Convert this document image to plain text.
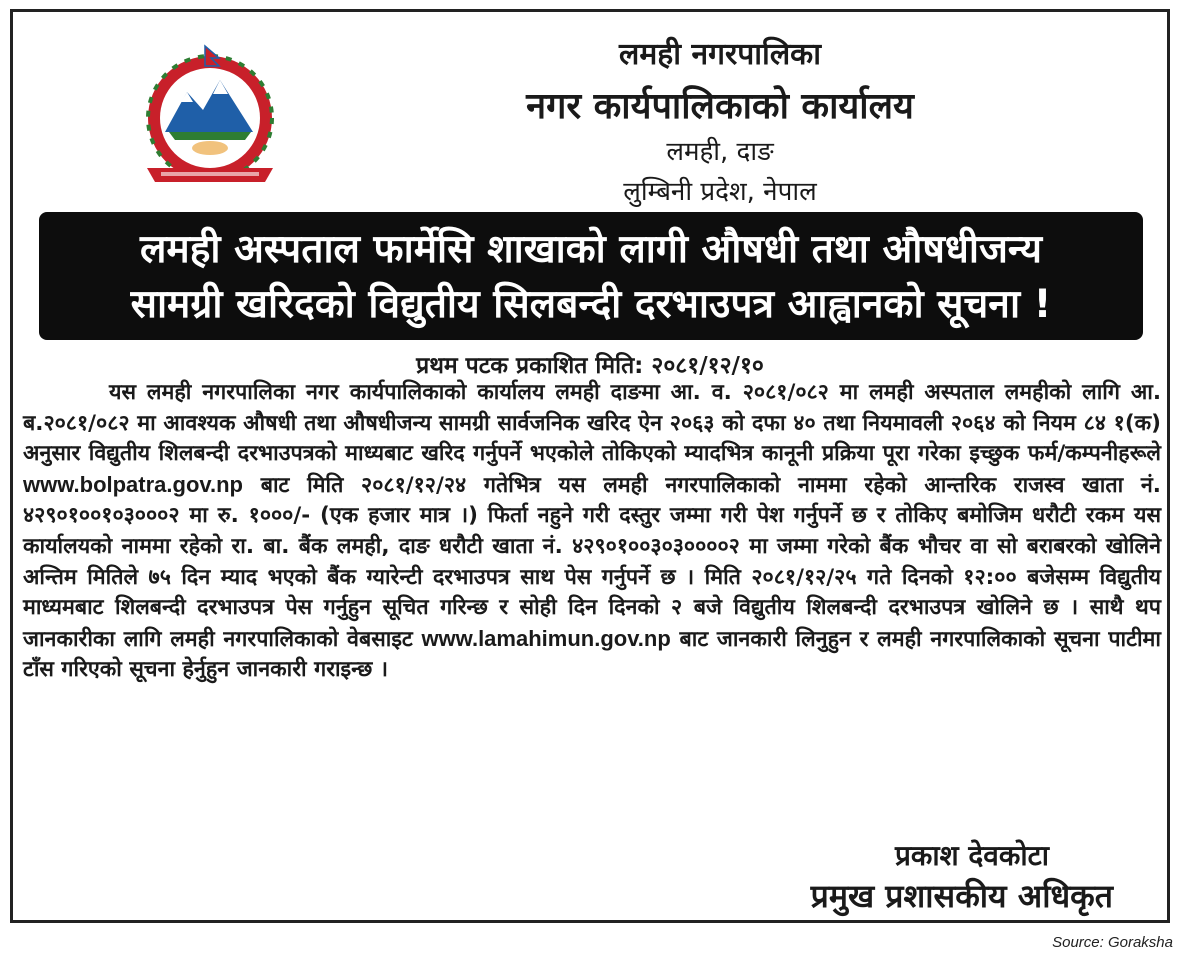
लमही नगरपालिका
नगर कार्यपालिकाको कार्यालय
लमही, दाङ
लुम्बिनी प्रदेश, नेपाल
लमही अस्पताल फार्मेसि शाखाको लागी औषधी तथा औषधीजन्य
सामग्री खरिदको विद्युतीय सिलबन्दी दरभाउपत्र आह्वानको सूचना !
प्रथम पटक प्रकाशित मिति: २०८१/१२/१०

यस लमही नगरपालिका नगर कार्यपालिकाको कार्यालय लमही दाङमा आ. व. २०८१/०८२ मा लमही अस्पताल लमहीको लागि आ. ब.२०८१/०८२ मा आवश्यक औषधी तथा औषधीजन्य सामग्री सार्वजनिक खरिद ऐन २०६३ को दफा ४० तथा नियमावली २०६४ को नियम ८४ १(क) अनुसार विद्युतीय शिलबन्दी दरभाउपत्रको माध्यबाट खरिद गर्नुपर्ने भएकोले तोकिएको म्यादभित्र कानूनी प्रक्रिया पूरा गरेका इच्छुक फर्म/कम्पनीहरूले www.bolpatra.gov.np बाट मिति २०८१/१२/२४ गतेभित्र यस लमही नगरपालिकाको नाममा रहेको आन्तरिक राजस्व खाता नं. ४२९०१००१०३०००२ मा रु. १०००/- (एक हजार मात्र ।) फिर्ता नहुने गरी दस्तुर जम्मा गरी पेश गर्नुपर्ने छ र तोकिए बमोजिम धरौटी रकम यस कार्यालयको नाममा रहेको रा. बा. बैंक लमही, दाङ धरौटी खाता नं. ४२९०१००३०३००००२ मा जम्मा गरेको बैंक भौचर वा सो बराबरको खोलिने अन्तिम मितिले ७५ दिन म्याद भएको बैंक ग्यारेन्टी दरभाउपत्र साथ पेस गर्नुपर्ने छ । मिति २०८१/१२/२५ गते दिनको १२:०० बजेसम्म विद्युतीय माध्यमबाट शिलबन्दी दरभाउपत्र पेस गर्नुहुन सूचित गरिन्छ र सोही दिन दिनको २ बजे विद्युतीय शिलबन्दी दरभाउपत्र खोलिने छ । साथै थप जानकारीका लागि लमही नगरपालिकाको वेबसाइट www.lamahimun.gov.np बाट जानकारी लिनुहुन र लमही नगरपालिकाको सूचना पाटीमा टाँस गरिएको सूचना हेर्नुहुन जानकारी गराइन्छ ।

प्रकाश देवकोटा
प्रमुख प्रशासकीय अधिकृत
Source: Goraksha
